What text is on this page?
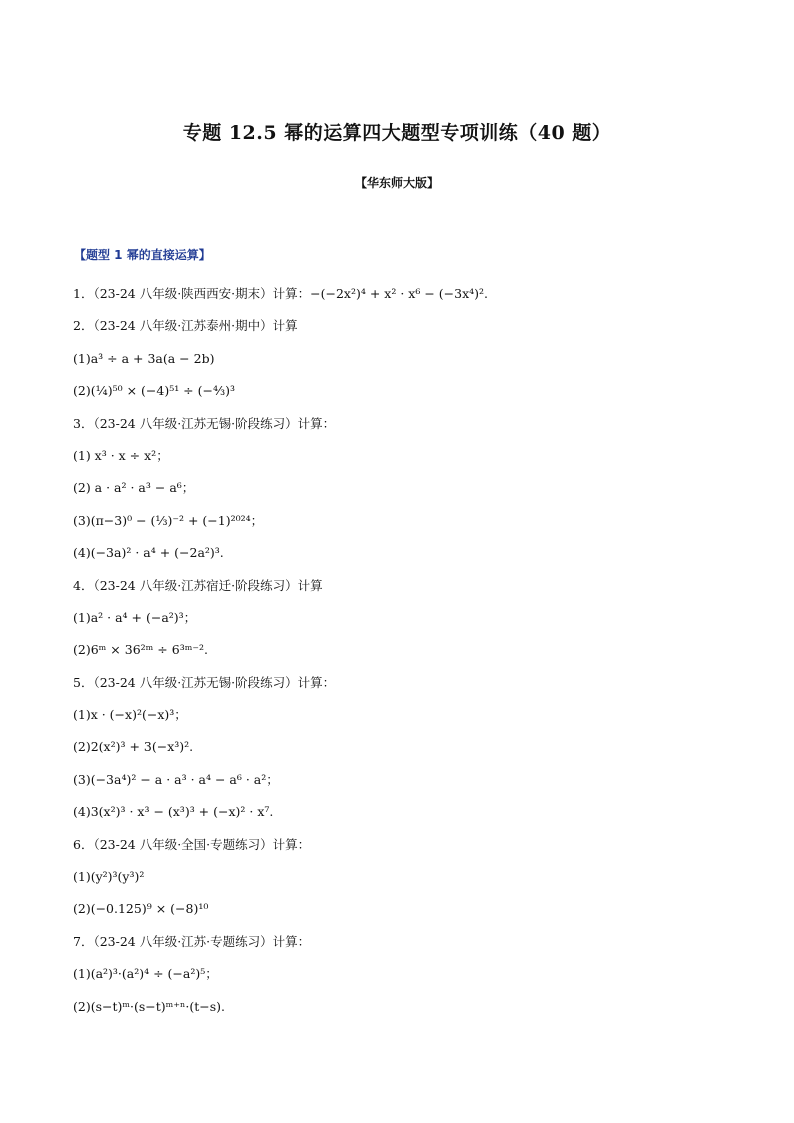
专题 12.5 幂的运算四大题型专项训练（40 题）
【华东师大版】
【题型 1 幂的直接运算】
1．（23-24 八年级·陕西西安·期末）计算：−(−2x²)⁴ + x² · x⁶ − (−3x⁴)².
2．（23-24 八年级·江苏泰州·期中）计算
(1)a³ ÷ a + 3a(a − 2b)
(2)(¹⁄₄)⁵⁰ × (−4)⁵¹ ÷ (−⁴⁄₃)³
3．（23-24 八年级·江苏无锡·阶段练习）计算：
(1) x³ · x ÷ x²；
(2) a · a² · a³ − a⁶；
(3)(π−3)⁰ − (¹⁄₃)⁻² + (−1)²⁰²⁴；
(4)(−3a)² · a⁴ + (−2a²)³.
4．（23-24 八年级·江苏宿迁·阶段练习）计算
(1)a² · a⁴ + (−a²)³；
(2)6ᵐ × 36²ᵐ ÷ 6³ᵐ⁻².
5．（23-24 八年级·江苏无锡·阶段练习）计算：
(1)x · (−x)²(−x)³；
(2)2(x²)³ + 3(−x³)².
(3)(−3a⁴)² − a · a³ · a⁴ − a⁶ · a²；
(4)3(x²)³ · x³ − (x³)³ + (−x)² · x⁷.
6．（23-24 八年级·全国·专题练习）计算：
(1)(y²)³(y³)²
(2)(−0.125)⁹ × (−8)¹⁰
7．（23-24 八年级·江苏·专题练习）计算：
(1)(a²)³·(a²)⁴ ÷ (−a²)⁵；
(2)(s−t)ᵐ·(s−t)ᵐ⁺ⁿ·(t−s).
